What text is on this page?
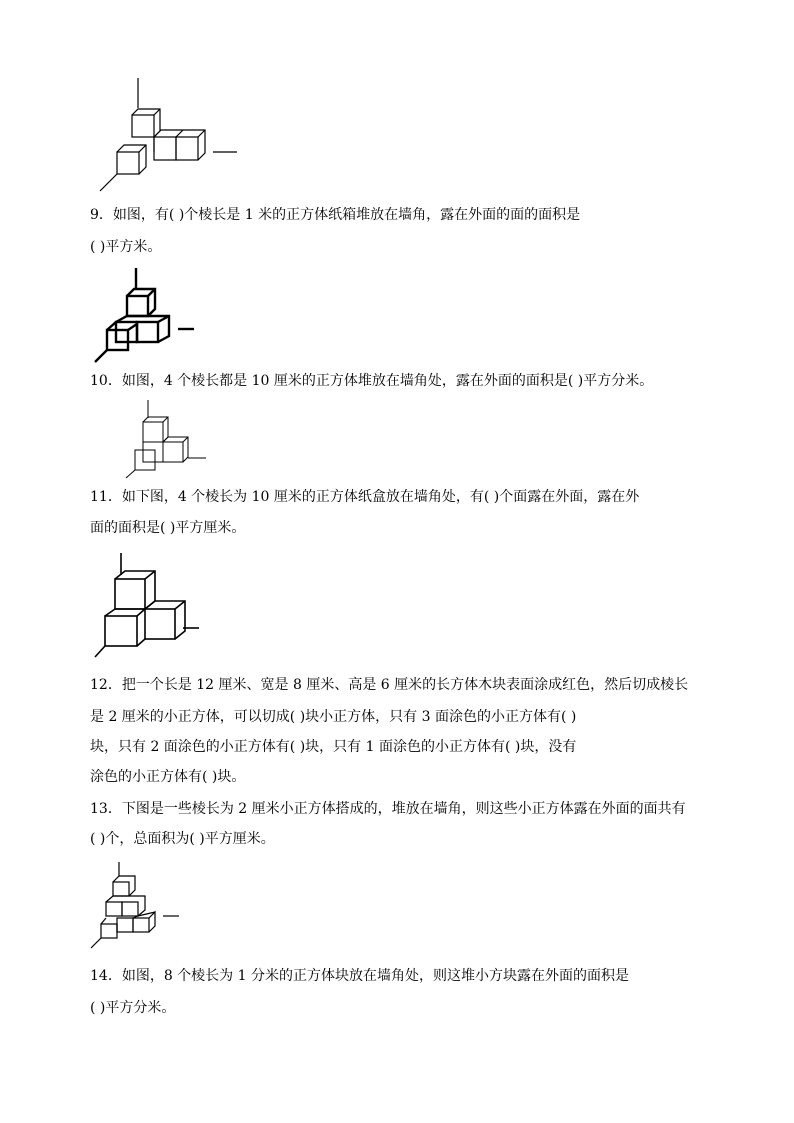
9．如图，有( )个棱长是 1 米的正方体纸箱堆放在墙角，露在外面的面的面积是
( )平方米。
10．如图，4 个棱长都是 10 厘米的正方体堆放在墙角处，露在外面的面积是( )平方分米。
11．如下图，4 个棱长为 10 厘米的正方体纸盒放在墙角处，有( )个面露在外面，露在外
面的面积是( )平方厘米。
12．把一个长是 12 厘米、宽是 8 厘米、高是 6 厘米的长方体木块表面涂成红色，然后切成棱长
是 2 厘米的小正方体，可以切成( )块小正方体，只有 3 面涂色的小正方体有( )
块，只有 2 面涂色的小正方体有( )块，只有 1 面涂色的小正方体有( )块，没有
涂色的小正方体有( )块。
13．下图是一些棱长为 2 厘米小正方体搭成的，堆放在墙角，则这些小正方体露在外面的面共有
( )个，总面积为( )平方厘米。
14．如图，8 个棱长为 1 分米的正方体块放在墙角处，则这堆小方块露在外面的面积是
( )平方分米。
